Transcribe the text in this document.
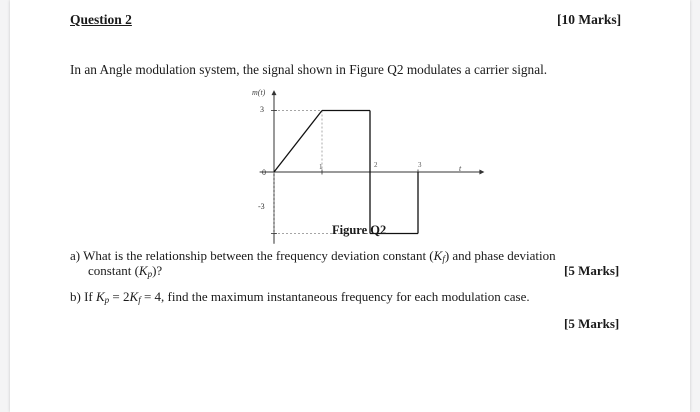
Question 2	[10 Marks]
In an Angle modulation system, the signal shown in Figure Q2 modulates a carrier signal.
m(t)
t
3
0
-3
1	2	3
Figure Q2
a) What is the relationship between the frequency deviation constant $(K_f)$ and phase deviation
constant $(K_p)$?	[5 Marks]
b) If $K_p = 2K_f = 4$, find the maximum instantaneous frequency for each modulation case.
[5 Marks]
